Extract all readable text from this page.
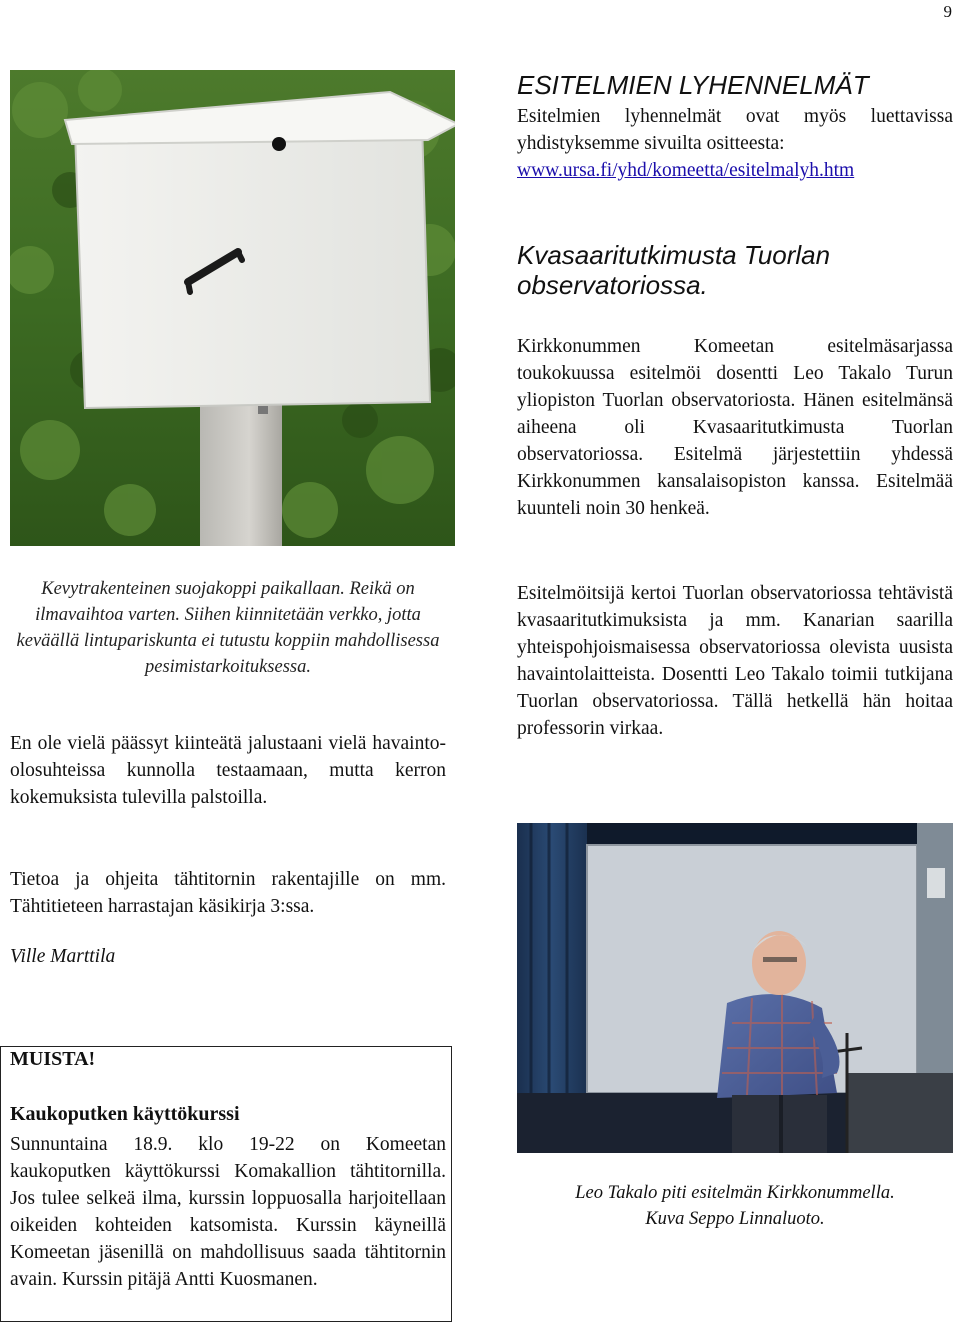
9
Kevytrakenteinen suojakoppi paikallaan. Reikä on ilmavaihtoa varten. Siihen kiinnitetään verkko, jotta keväällä lintupariskunta ei tutustu koppiin mahdollisessa pesimistarkoituksessa.
En ole vielä päässyt kiinteätä jalustaani vielä havainto-olosuhteissa kunnolla testaamaan, mutta kerron kokemuksista tulevilla palstoilla.
Tietoa ja ohjeita tähtitornin rakentajille on mm. Tähtitieteen harrastajan käsikirja 3:ssa.
Ville Marttila
MUISTA!
Kaukoputken käyttökurssi
Sunnuntaina 18.9. klo 19-22 on Komeetan kaukoputken käyttökurssi Komakallion tähtitornilla. Jos tulee selkeä ilma, kurssin loppuosalla harjoitellaan oikeiden kohteiden katsomista. Kurssin käyneillä Komeetan jäsenillä on mahdollisuus saada tähtitornin avain. Kurssin pitäjä Antti Kuosmanen.
ESITELMIEN LYHENNELMÄT
Esitelmien lyhennelmät ovat myös luettavissa yhdistyksemme sivuilta ositteesta:
www.ursa.fi/yhd/komeetta/esitelmalyh.htm
Kvasaaritutkimusta Tuorlan observatoriossa.
Kirkkonummen Komeetan esitelmäsarjassa toukokuussa esitelmöi dosentti Leo Takalo Turun yliopiston Tuorlan observatoriosta. Hänen esitelmänsä aiheena oli Kvasaaritutkimusta Tuorlan observatoriossa. Esitelmä järjestettiin yhdessä Kirkkonummen kansalaisopiston kanssa. Esitelmää kuunteli noin 30 henkeä.
Esitelmöitsijä kertoi Tuorlan observatoriossa tehtävistä kvasaaritutkimuksista ja mm. Kanarian saarilla yhteispohjoismaisessa observatoriossa olevista uusista havaintolaitteista. Dosentti Leo Takalo toimii tutkijana Tuorlan observatoriossa. Tällä hetkellä hän hoitaa professorin virkaa.
Leo Takalo piti esitelmän Kirkkonummella.
Kuva Seppo Linnaluoto.
